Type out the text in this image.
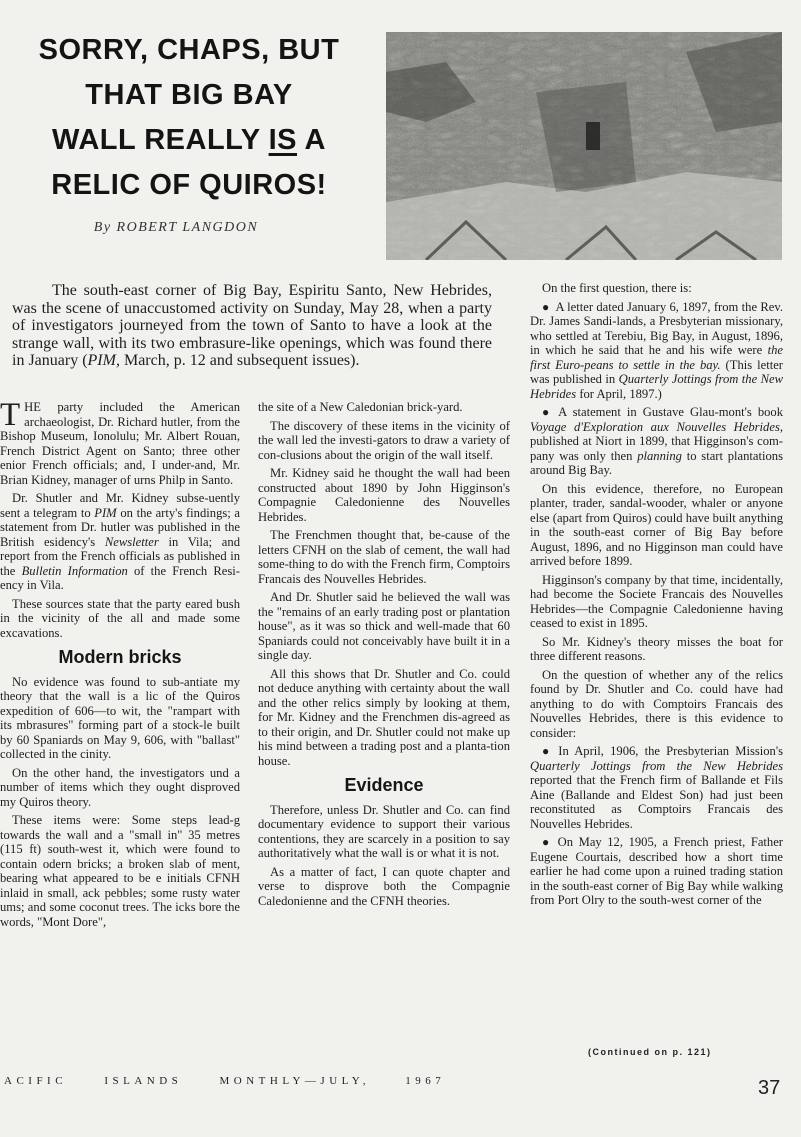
SORRY, CHAPS, BUT
THAT BIG BAY
WALL REALLY IS A
RELIC OF QUIROS!
By ROBERT LANGDON

The south-east corner of Big Bay, Espiritu Santo, New Hebrides, was the scene of unaccustomed activity on Sunday, May 28, when a party of investigators journeyed from the town of Santo to have a look at the strange wall, with its two embrasure-like openings, which was found there in January (PIM, March, p. 12 and subsequent issues).

THE party included the American archaeologist, Dr. Richard hutler, from the Bishop Museum, Ionolulu; Mr. Albert Rouan, French District Agent on Santo; three other enior French officials; and, I under-and, Mr. Brian Kidney, manager of urns Philp in Santo.

Dr. Shutler and Mr. Kidney subse-uently sent a telegram to PIM on the arty's findings; a statement from Dr. hutler was published in the British esidency's Newsletter in Vila; and report from the French officials as published in the Bulletin Information of the French Resi-ency in Vila.

These sources state that the party eared bush in the vicinity of the all and made some excavations.

Modern bricks

No evidence was found to sub-antiate my theory that the wall is a lic of the Quiros expedition of 606—to wit, the "rampart with its mbrasures" forming part of a stock-le built by 60 Spaniards on May 9, 606, with "ballast" collected in the cinity.

On the other hand, the investigators und a number of items which they ought disproved my Quiros theory.

These items were: Some steps lead-g towards the wall and a "small in" 35 metres (115 ft) south-west it, which were found to contain odern bricks; a broken slab of ment, bearing what appeared to be e initials CFNH inlaid in small, ack pebbles; some rusty water ums; and some coconut trees. The icks bore the words, "Mont Dore",

the site of a New Caledonian brick-yard.

The discovery of these items in the vicinity of the wall led the investi-gators to draw a variety of con-clusions about the origin of the wall itself.

Mr. Kidney said he thought the wall had been constructed about 1890 by John Higginson's Compagnie Caledonienne des Nouvelles Hebrides.

The Frenchmen thought that, be-cause of the letters CFNH on the slab of cement, the wall had some-thing to do with the French firm, Comptoirs Francais des Nouvelles Hebrides.

And Dr. Shutler said he believed the wall was the "remains of an early trading post or plantation house", as it was so thick and well-made that 60 Spaniards could not conceivably have built it in a single day.

All this shows that Dr. Shutler and Co. could not deduce anything with certainty about the wall and the other relics simply by looking at them, for Mr. Kidney and the Frenchmen dis-agreed as to their origin, and Dr. Shutler could not make up his mind between a trading post and a planta-tion house.

Evidence

Therefore, unless Dr. Shutler and Co. can find documentary evidence to support their various contentions, they are scarcely in a position to say authoritatively what the wall is or what it is not.

As a matter of fact, I can quote chapter and verse to disprove both the Compagnie Caledonienne and the CFNH theories.

On the first question, there is:

● A letter dated January 6, 1897, from the Rev. Dr. James Sandi-lands, a Presbyterian missionary, who settled at Terebiu, Big Bay, in August, 1896, in which he said that he and his wife were the first Euro-peans to settle in the bay. (This letter was published in Quarterly Jottings from the New Hebrides for April, 1897.)

● A statement in Gustave Glau-mont's book Voyage d'Exploration aux Nouvelles Hebrides, published at Niort in 1899, that Higginson's com-pany was only then planning to start plantations around Big Bay.

On this evidence, therefore, no European planter, trader, sandal-wooder, whaler or anyone else (apart from Quiros) could have built anything in the south-east corner of Big Bay before August, 1896, and no Higginson man could have arrived before 1899.

Higginson's company by that time, incidentally, had become the Societe Francais des Nouvelles Hebrides—the Compagnie Caledonienne having ceased to exist in 1895.

So Mr. Kidney's theory misses the boat for three different reasons.

On the question of whether any of the relics found by Dr. Shutler and Co. could have had anything to do with Comptoirs Francais des Nouvelles Hebrides, there is this evidence to consider:

● In April, 1906, the Presbyterian Mission's Quarterly Jottings from the New Hebrides reported that the French firm of Ballande et Fils Aine (Ballande and Eldest Son) had just been reconstituted as Comptoirs Francais des Nouvelles Hebrides.

● On May 12, 1905, a French priest, Father Eugene Courtais, described how a short time earlier he had come upon a ruined trading station in the south-east corner of Big Bay while walking from Port Olry to the south-west corner of the

(Continued on p. 121)
ACIFIC	ISLANDS	MONTHLY—JULY,	1967	37
